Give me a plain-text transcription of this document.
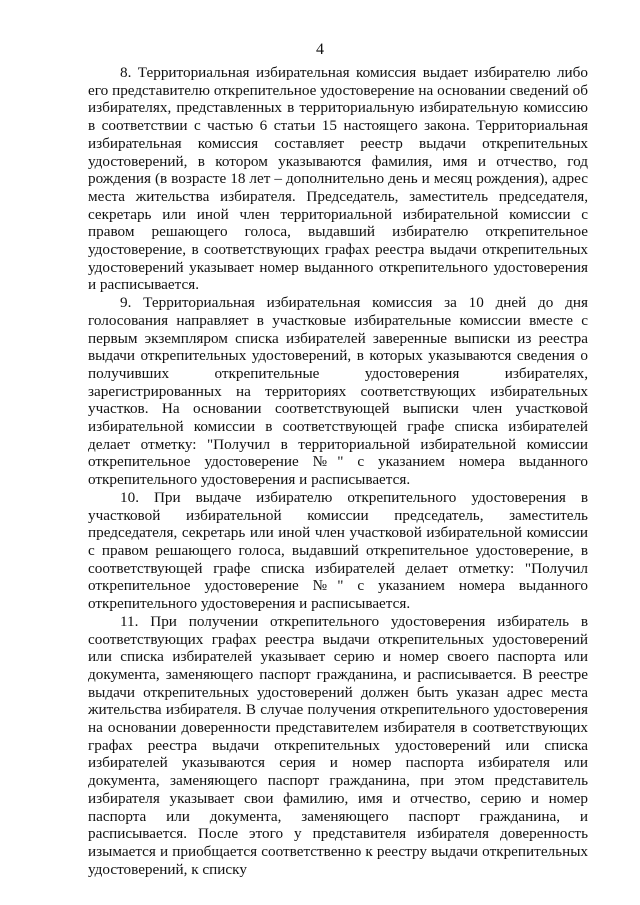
4

8. Территориальная избирательная комиссия выдает избирателю либо его представителю открепительное удостоверение на основании сведений об избирателях, представленных в территориальную избирательную комиссию в соответствии с частью 6 статьи 15 настоящего закона. Территориальная избирательная комиссия составляет реестр выдачи открепительных удостоверений, в котором указываются фамилия, имя и отчество, год рождения (в возрасте 18 лет – дополнительно день и месяц рождения), адрес места жительства избирателя. Председатель, заместитель председателя, секретарь или иной член территориальной избирательной комиссии с правом решающего голоса, выдавший избирателю открепительное удостоверение, в соответствующих графах реестра выдачи открепительных удостоверений указывает номер выданного открепительного удостоверения и расписывается.

9. Территориальная избирательная комиссия за 10 дней до дня голосования направляет в участковые избирательные комиссии вместе с первым экземпляром списка избирателей заверенные выписки из реестра выдачи открепительных удостоверений, в которых указываются сведения о получивших открепительные удостоверения избирателях, зарегистрированных на территориях соответствующих избирательных участков. На основании соответствующей выписки член участковой избирательной комиссии в соответствующей графе списка избирателей делает отметку: "Получил в территориальной избирательной комиссии открепительное удостоверение №" с указанием номера выданного открепительного удостоверения и расписывается.

10. При выдаче избирателю открепительного удостоверения в участковой избирательной комиссии председатель, заместитель председателя, секретарь или иной член участковой избирательной комиссии с правом решающего голоса, выдавший открепительное удостоверение, в соответствующей графе списка избирателей делает отметку: "Получил открепительное удостоверение №" с указанием номера выданного открепительного удостоверения и расписывается.

11. При получении открепительного удостоверения избиратель в соответствующих графах реестра выдачи открепительных удостоверений или списка избирателей указывает серию и номер своего паспорта или документа, заменяющего паспорт гражданина, и расписывается. В реестре выдачи открепительных удостоверений должен быть указан адрес места жительства избирателя. В случае получения открепительного удостоверения на основании доверенности представителем избирателя в соответствующих графах реестра выдачи открепительных удостоверений или списка избирателей указываются серия и номер паспорта избирателя или документа, заменяющего паспорт гражданина, при этом представитель избирателя указывает свои фамилию, имя и отчество, серию и номер паспорта или документа, заменяющего паспорт гражданина, и расписывается. После этого у представителя избирателя доверенность изымается и приобщается соответственно к реестру выдачи открепительных удостоверений, к списку
